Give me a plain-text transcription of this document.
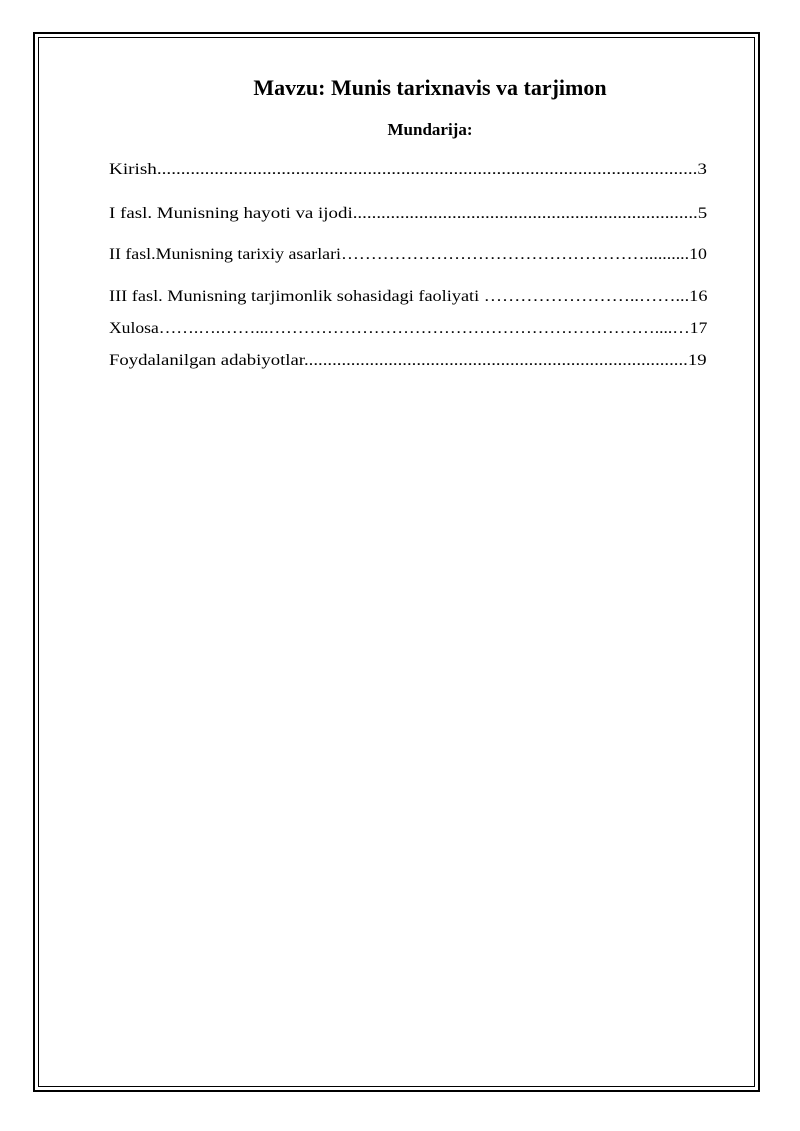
Mavzu: Munis tarixnavis va tarjimon
Mundarija:
Kirish.................................................................................................................3
I fasl. Munisning hayoti va ijodi.........................................................................5
II fasl.Munisning tarixiy asarlari……………………………………………..........10
III fasl. Munisning tarjimonlik sohasidagi faoliyati ……………………..……...16
Xulosa…….….……...…………………………………………………………....…17
Foydalanilgan adabiyotlar..................................................................................19
